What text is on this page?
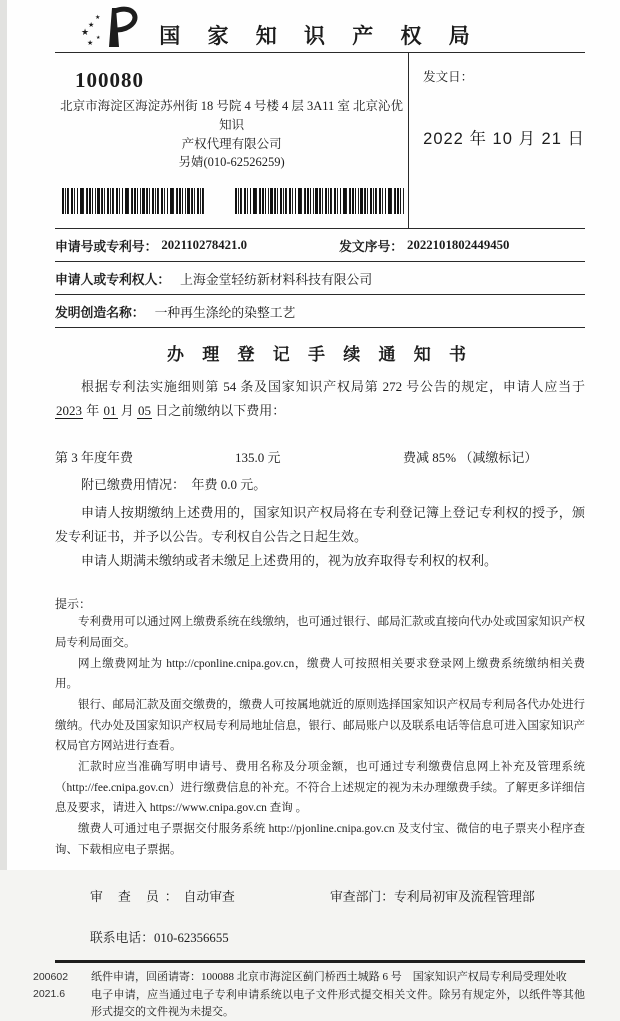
★
★
★
★
★	国 家 知 识 产 权 局
100080
北京市海淀区海淀苏州街 18 号院 4 号楼 4 层 3A11 室 北京沁优知识
产权代理有限公司
另婧(010-62526259)
发文日：
2022 年 10 月 21 日
申请号或专利号： 202110278421.0	发文序号： 2022101802449450
申请人或专利权人： 上海金堂轻纺新材料科技有限公司
发明创造名称： 一种再生涤纶的染整工艺
办 理 登 记 手 续 通 知 书

根据专利法实施细则第 54 条及国家知识产权局第 272 号公告的规定，申请人应当于 2023 年 01 月 05 日之前缴纳以下费用：

第 3 年度年费	135.0 元	费减 85% （减缴标记）
附已缴费用情况： 年费 0.0 元。

申请人按期缴纳上述费用的，国家知识产权局将在专利登记簿上登记专利权的授予，颁发专利证书，并予以公告。专利权自公告之日起生效。

申请人期满未缴纳或者未缴足上述费用的，视为放弃取得专利权的权利。

提示：

专利费用可以通过网上缴费系统在线缴纳，也可通过银行、邮局汇款或直接向代办处或国家知识产权局专利局面交。

网上缴费网址为 http://cponline.cnipa.gov.cn，缴费人可按照相关要求登录网上缴费系统缴纳相关费用。

银行、邮局汇款及面交缴费的，缴费人可按属地就近的原则选择国家知识产权局专利局各代办处进行缴纳。代办处及国家知识产权局专利局地址信息，银行、邮局账户以及联系电话等信息可进入国家知识产权局官方网站进行查看。

汇款时应当准确写明申请号、费用名称及分项金额，也可通过专利缴费信息网上补充及管理系统（http://fee.cnipa.gov.cn）进行缴费信息的补充。不符合上述规定的视为未办理缴费手续。了解更多详细信息及要求，请进入 https://www.cnipa.gov.cn 查询 。

缴费人可通过电子票据交付服务系统 http://pjonline.cnipa.gov.cn 及支付宝、微信的电子票夹小程序查询、下载相应电子票据。

审 查 员：自动审查	审查部门：专利局初审及流程管理部
联系电话：010-62356655
200602
2021.6
纸件申请，回函请寄：100088 北京市海淀区蓟门桥西土城路 6 号　国家知识产权局专利局受理处收
电子申请，应当通过电子专利申请系统以电子文件形式提交相关文件。除另有规定外，以纸件等其他形式提交的文件视为未提交。
